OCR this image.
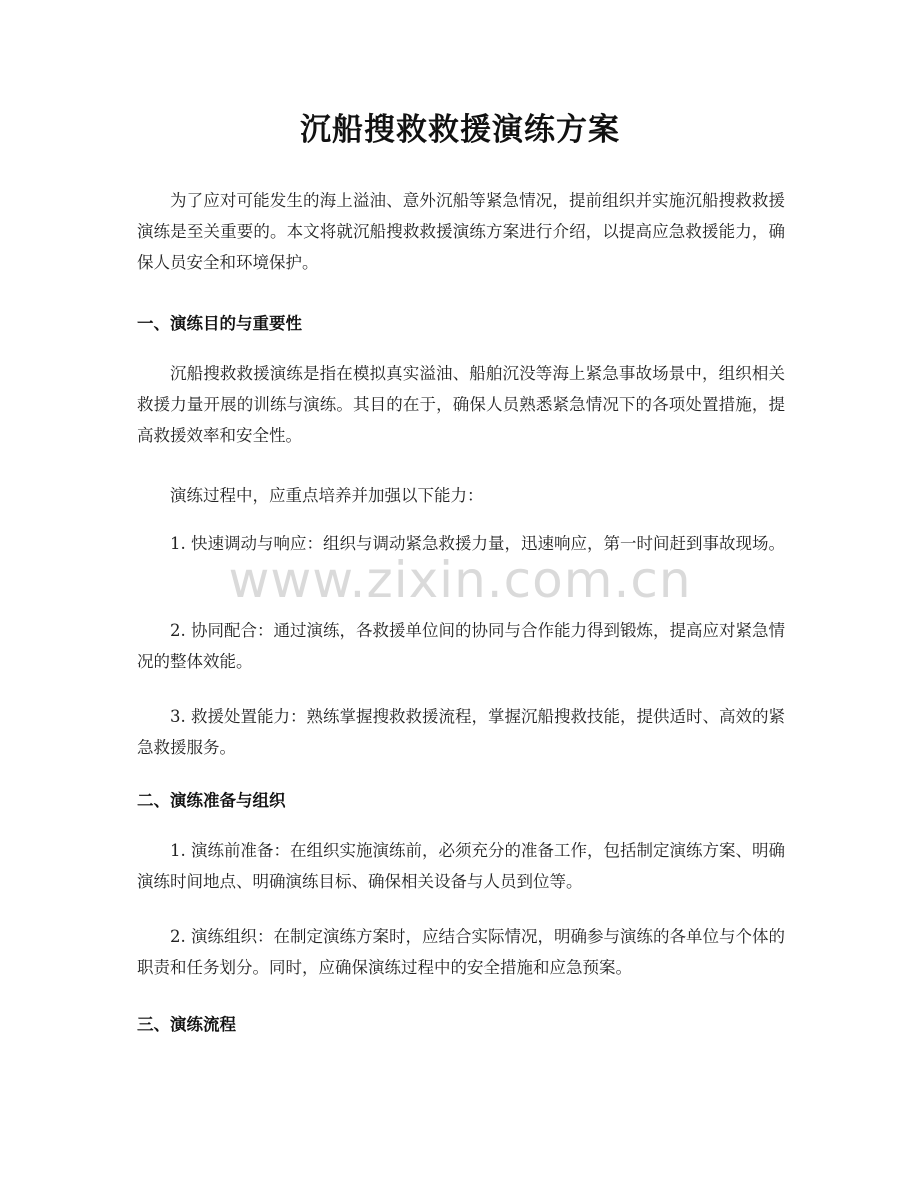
沉船搜救救援演练方案

为了应对可能发生的海上溢油、意外沉船等紧急情况，提前组织并实施沉船搜救救援演练是至关重要的。本文将就沉船搜救救援演练方案进行介绍，以提高应急救援能力，确保人员安全和环境保护。

一、演练目的与重要性

沉船搜救救援演练是指在模拟真实溢油、船舶沉没等海上紧急事故场景中，组织相关救援力量开展的训练与演练。其目的在于，确保人员熟悉紧急情况下的各项处置措施，提高救援效率和安全性。

演练过程中，应重点培养并加强以下能力：

1. 快速调动与响应：组织与调动紧急救援力量，迅速响应，第一时间赶到事故现场。

2. 协同配合：通过演练，各救援单位间的协同与合作能力得到锻炼，提高应对紧急情况的整体效能。

3. 救援处置能力：熟练掌握搜救救援流程，掌握沉船搜救技能，提供适时、高效的紧急救援服务。

二、演练准备与组织

1. 演练前准备：在组织实施演练前，必须充分的准备工作，包括制定演练方案、明确演练时间地点、明确演练目标、确保相关设备与人员到位等。

2. 演练组织：在制定演练方案时，应结合实际情况，明确参与演练的各单位与个体的职责和任务划分。同时，应确保演练过程中的安全措施和应急预案。

三、演练流程
www.zixin.com.cn
